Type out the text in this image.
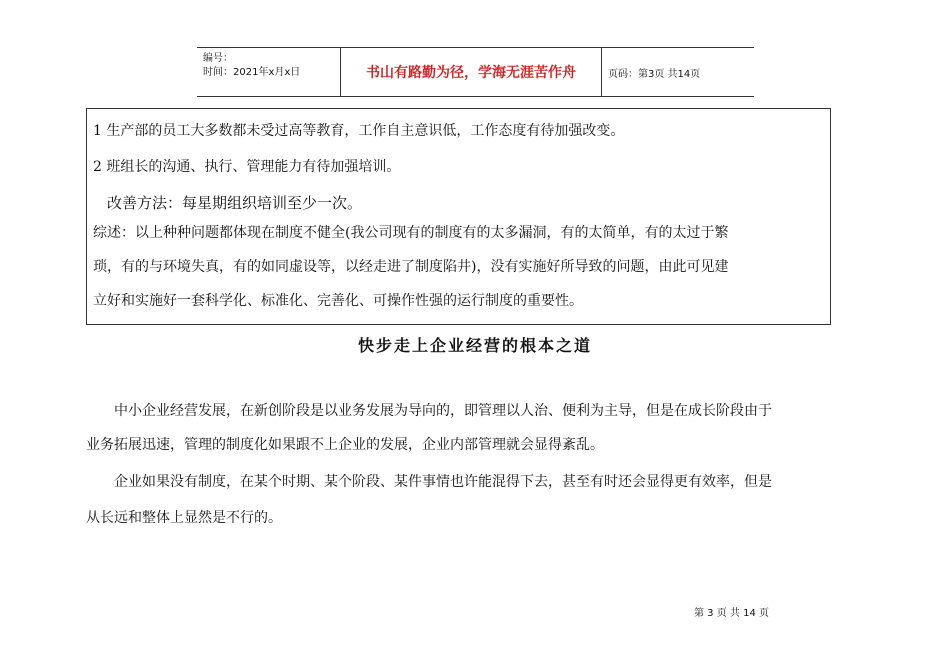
编号：
时间：2021年x月x日	书山有路勤为径，学海无涯苦作舟	页码：第3页 共14页

1 生产部的员工大多数都未受过高等教育，工作自主意识低，工作态度有待加强改变。

2 班组长的沟通、执行、管理能力有待加强培训。

改善方法：每星期组织培训至少一次。

综述：以上种种问题都体现在制度不健全(我公司现有的制度有的太多漏洞，有的太简单，有的太过于繁

琐，有的与环境失真，有的如同虚设等，以经走进了制度陷井)，没有实施好所导致的问题，由此可见建

立好和实施好一套科学化、标准化、完善化、可操作性强的运行制度的重要性。

快步走上企业经营的根本之道

中小企业经营发展，在新创阶段是以业务发展为导向的，即管理以人治、便利为主导，但是在成长阶段由于

业务拓展迅速，管理的制度化如果跟不上企业的发展，企业内部管理就会显得紊乱。

企业如果没有制度，在某个时期、某个阶段、某件事情也许能混得下去，甚至有时还会显得更有效率，但是

从长远和整体上显然是不行的。

第 3 页 共 14 页
